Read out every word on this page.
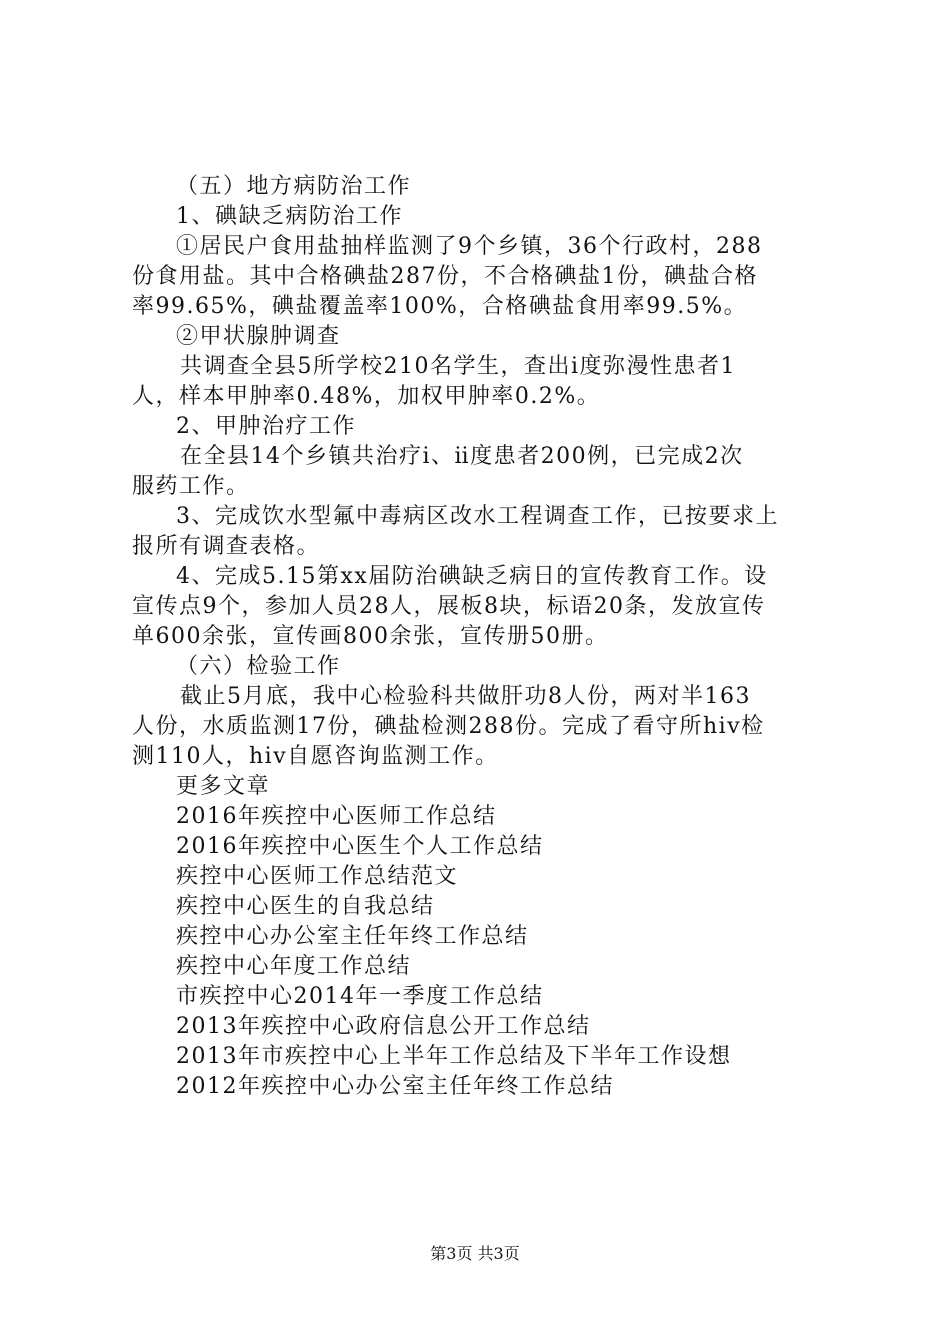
（五）地方病防治工作
1、碘缺乏病防治工作
①居民户食用盐抽样监测了9个乡镇，36个行政村，288
份食用盐。其中合格碘盐287份，不合格碘盐1份，碘盐合格
率99.65%，碘盐覆盖率100%，合格碘盐食用率99.5%。
②甲状腺肿调查
共调查全县5所学校210名学生，查出ⅰ度弥漫性患者1
人，样本甲肿率0.48%，加权甲肿率0.2%。
2、甲肿治疗工作
在全县14个乡镇共治疗ⅰ、ⅱ度患者200例，已完成2次
服药工作。
3、完成饮水型氟中毒病区改水工程调查工作，已按要求上
报所有调查表格。
4、完成5.15第xx届防治碘缺乏病日的宣传教育工作。设
宣传点9个，参加人员28人，展板8块，标语20条，发放宣传
单600余张，宣传画800余张，宣传册50册。
（六）检验工作
截止5月底，我中心检验科共做肝功8人份，两对半163
人份，水质监测17份，碘盐检测288份。完成了看守所hiv检
测110人，hiv自愿咨询监测工作。
更多文章
2016年疾控中心医师工作总结
2016年疾控中心医生个人工作总结
疾控中心医师工作总结范文
疾控中心医生的自我总结
疾控中心办公室主任年终工作总结
疾控中心年度工作总结
市疾控中心2014年一季度工作总结
2013年疾控中心政府信息公开工作总结
2013年市疾控中心上半年工作总结及下半年工作设想
2012年疾控中心办公室主任年终工作总结
第3页 共3页
